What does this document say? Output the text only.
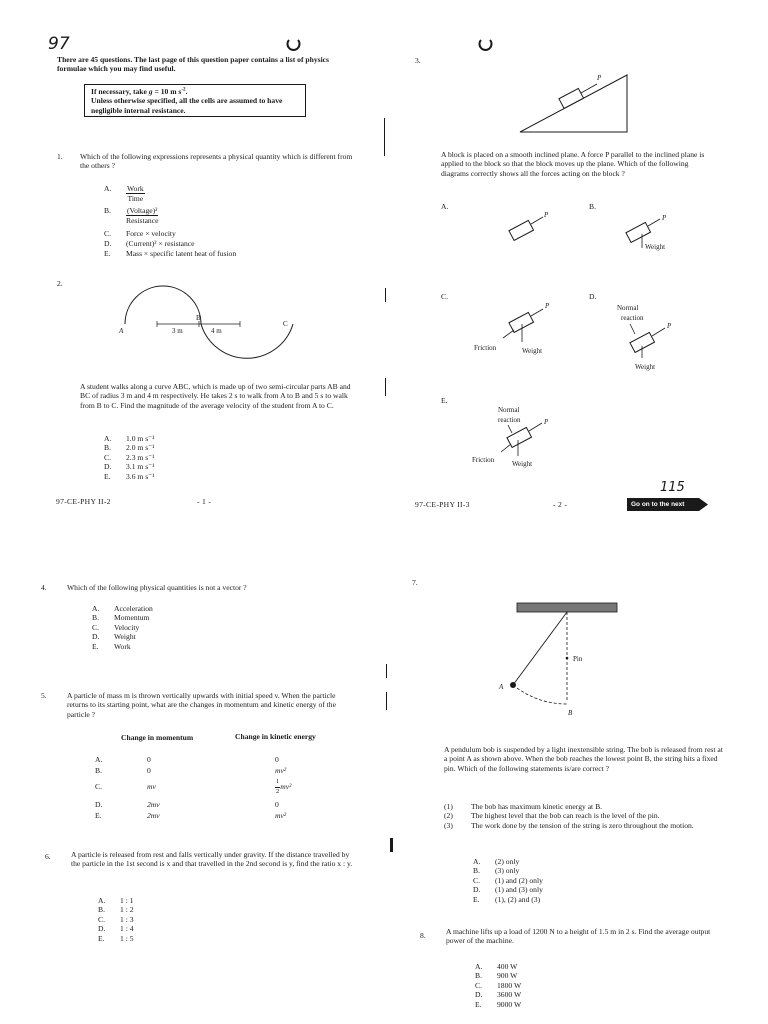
97
There are 45 questions. The last page of this question paper contains a list of physics formulae which you may find useful.
If necessary, take g = 10 m $s^{-2}$.
Unless otherwise specified, all the cells are assumed to have
negligible internal resistance.
1. Which of the following expressions represents a physical quantity which is different from the others ?
A.	$\frac{\text{Work}}{\text{Time}}$
B.	$\frac{\text{(Voltage)²}}{\text{Resistance}}$
C.	Force × velocity
D.	(Current)² × resistance
E.	Mass × specific latent heat of fusion
2.
A
B
C
3 m	4 m
A student walks along a curve ABC, which is made up of two semi-circular parts AB and BC of radius 3 m and 4 m respectively. He takes 2 s to walk from A to B and 5 s to walk from B to C. Find the magnitude of the average velocity of the student from A to C.
A.	1.0 m s⁻¹
B.	2.0 m s⁻¹
C.	2.3 m s⁻¹
D.	3.1 m s⁻¹
E.	3.6 m s⁻¹
97-CE-PHY II-2	- 1 -
3.
P
A block is placed on a smooth inclined plane. A force P parallel to the inclined plane is applied to the block so that the block moves up the plane. Which of the following diagrams correctly shows all the forces acting on the block ?
A.
P
B.
P
Weight
C.
P
Weight
Friction
D.
Normal
reaction
P
Weight
E.
Normal
reaction	P
Weight
Friction
115
97-CE-PHY II-3	- 2 -	Go on to the next page
4.	Which of the following physical quantities is not a vector ?
A.	Acceleration
B.	Momentum
C.	Velocity
D.	Weight
E.	Work
5.	A particle of mass m is thrown vertically upwards with initial speed v. When the particle returns to its starting point, what are the changes in momentum and kinetic energy of the particle ?
Change in momentum	Change in kinetic energy
A.	0	0
B.	0	mv²
C.	mv	$\frac{1}{2} mv^2$
D.	2mv	0
E.	2mv	mv²
6.	A particle is released from rest and falls vertically under gravity. If the distance travelled by the particle in the 1st second is x and that travelled in the 2nd second is y, find the ratio x : y.
A.	1 : 1
B.	1 : 2
C.	1 : 3
D.	1 : 4
E.	1 : 5
7.
Pin
A
B
A pendulum bob is suspended by a light inextensible string. The bob is released from rest at a point A as shown above. When the bob reaches the lowest point B, the string hits a fixed pin. Which of the following statements is/are correct ?
(1)	The bob has maximum kinetic energy at B.
(2)	The highest level that the bob can reach is the level of the pin.
(3)	The work done by the tension of the string is zero throughout the motion.
A.	(2) only
B.	(3) only
C.	(1) and (2) only
D.	(1) and (3) only
E.	(1), (2) and (3)
8.	A machine lifts up a load of 1200 N to a height of 1.5 m in 2 s. Find the average output power of the machine.
A.	400 W
B.	900 W
C.	1800 W
D.	3600 W
E.	9000 W
